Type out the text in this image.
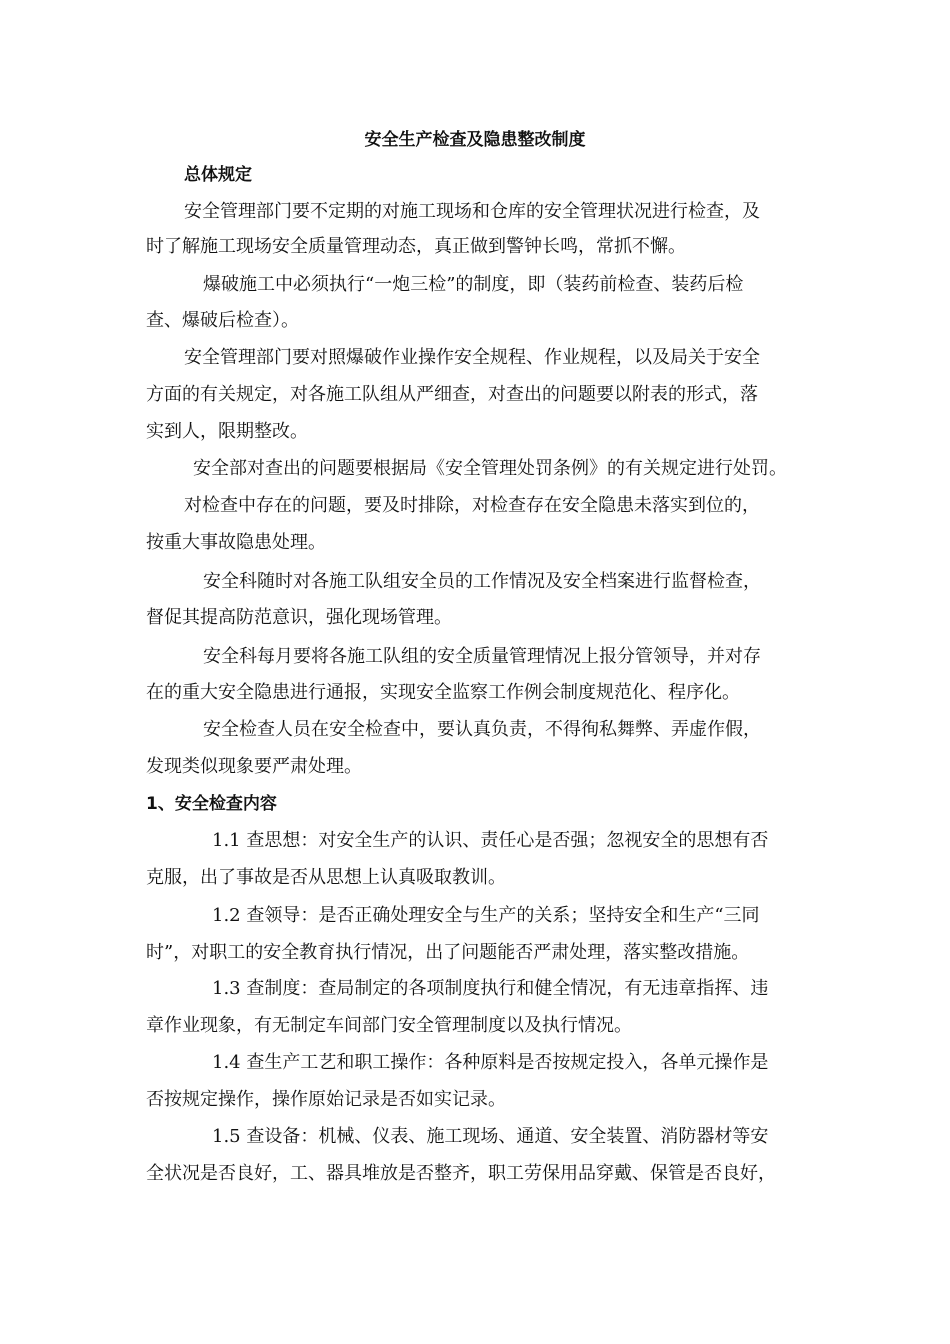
安全生产检查及隐患整改制度
总体规定
安全管理部门要不定期的对施工现场和仓库的安全管理状况进行检查，及
时了解施工现场安全质量管理动态，真正做到警钟长鸣，常抓不懈。
爆破施工中必须执行“一炮三检”的制度，即（装药前检查、装药后检
查、爆破后检查）。
安全管理部门要对照爆破作业操作安全规程、作业规程，以及局关于安全
方面的有关规定，对各施工队组从严细查，对查出的问题要以附表的形式，落
实到人，限期整改。
安全部对查出的问题要根据局《安全管理处罚条例》的有关规定进行处罚。
对检查中存在的问题，要及时排除，对检查存在安全隐患未落实到位的，
按重大事故隐患处理。
安全科随时对各施工队组安全员的工作情况及安全档案进行监督检查，
督促其提高防范意识，强化现场管理。
安全科每月要将各施工队组的安全质量管理情况上报分管领导，并对存
在的重大安全隐患进行通报，实现安全监察工作例会制度规范化、程序化。
安全检查人员在安全检查中，要认真负责，不得徇私舞弊、弄虚作假，
发现类似现象要严肃处理。
1、安全检查内容
1.1 查思想：对安全生产的认识、责任心是否强；忽视安全的思想有否
克服，出了事故是否从思想上认真吸取教训。
1.2 查领导：是否正确处理安全与生产的关系；坚持安全和生产“三同
时”，对职工的安全教育执行情况，出了问题能否严肃处理，落实整改措施。
1.3 查制度：查局制定的各项制度执行和健全情况，有无违章指挥、违
章作业现象，有无制定车间部门安全管理制度以及执行情况。
1.4 查生产工艺和职工操作：各种原料是否按规定投入，各单元操作是
否按规定操作，操作原始记录是否如实记录。
1.5 查设备：机械、仪表、施工现场、通道、安全装置、消防器材等安
全状况是否良好，工、器具堆放是否整齐，职工劳保用品穿戴、保管是否良好，
